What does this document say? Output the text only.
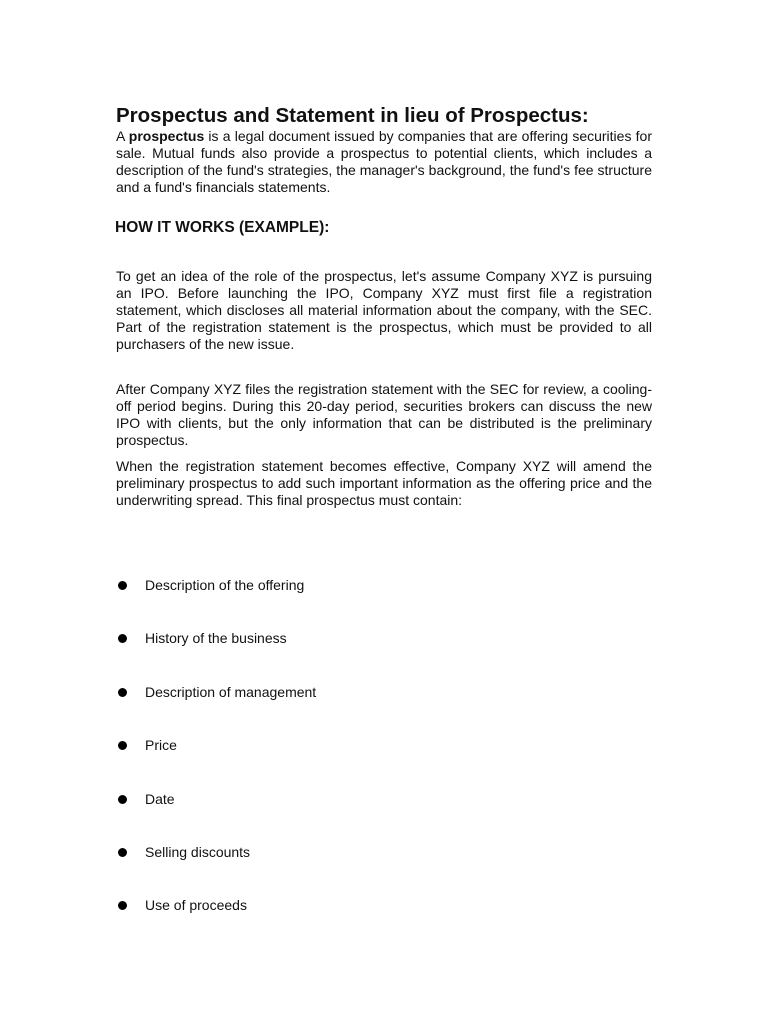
Prospectus and Statement in lieu of Prospectus:

A prospectus is a legal document issued by companies that are offering securities for sale. Mutual funds also provide a prospectus to potential clients, which includes a description of the fund's strategies, the manager's background, the fund's fee structure and a fund's financials statements.

HOW IT WORKS (EXAMPLE):

To get an idea of the role of the prospectus, let's assume Company XYZ is pursuing an IPO. Before launching the IPO, Company XYZ must first file a registration statement, which discloses all material information about the company, with the SEC. Part of the registration statement is the prospectus, which must be provided to all purchasers of the new issue.

After Company XYZ files the registration statement with the SEC for review, a cooling-off period begins. During this 20-day period, securities brokers can discuss the new IPO with clients, but the only information that can be distributed is the preliminary prospectus.

When the registration statement becomes effective, Company XYZ will amend the preliminary prospectus to add such important information as the offering price and the underwriting spread. This final prospectus must contain:

Description of the offering
History of the business
Description of management
Price
Date
Selling discounts
Use of proceeds
